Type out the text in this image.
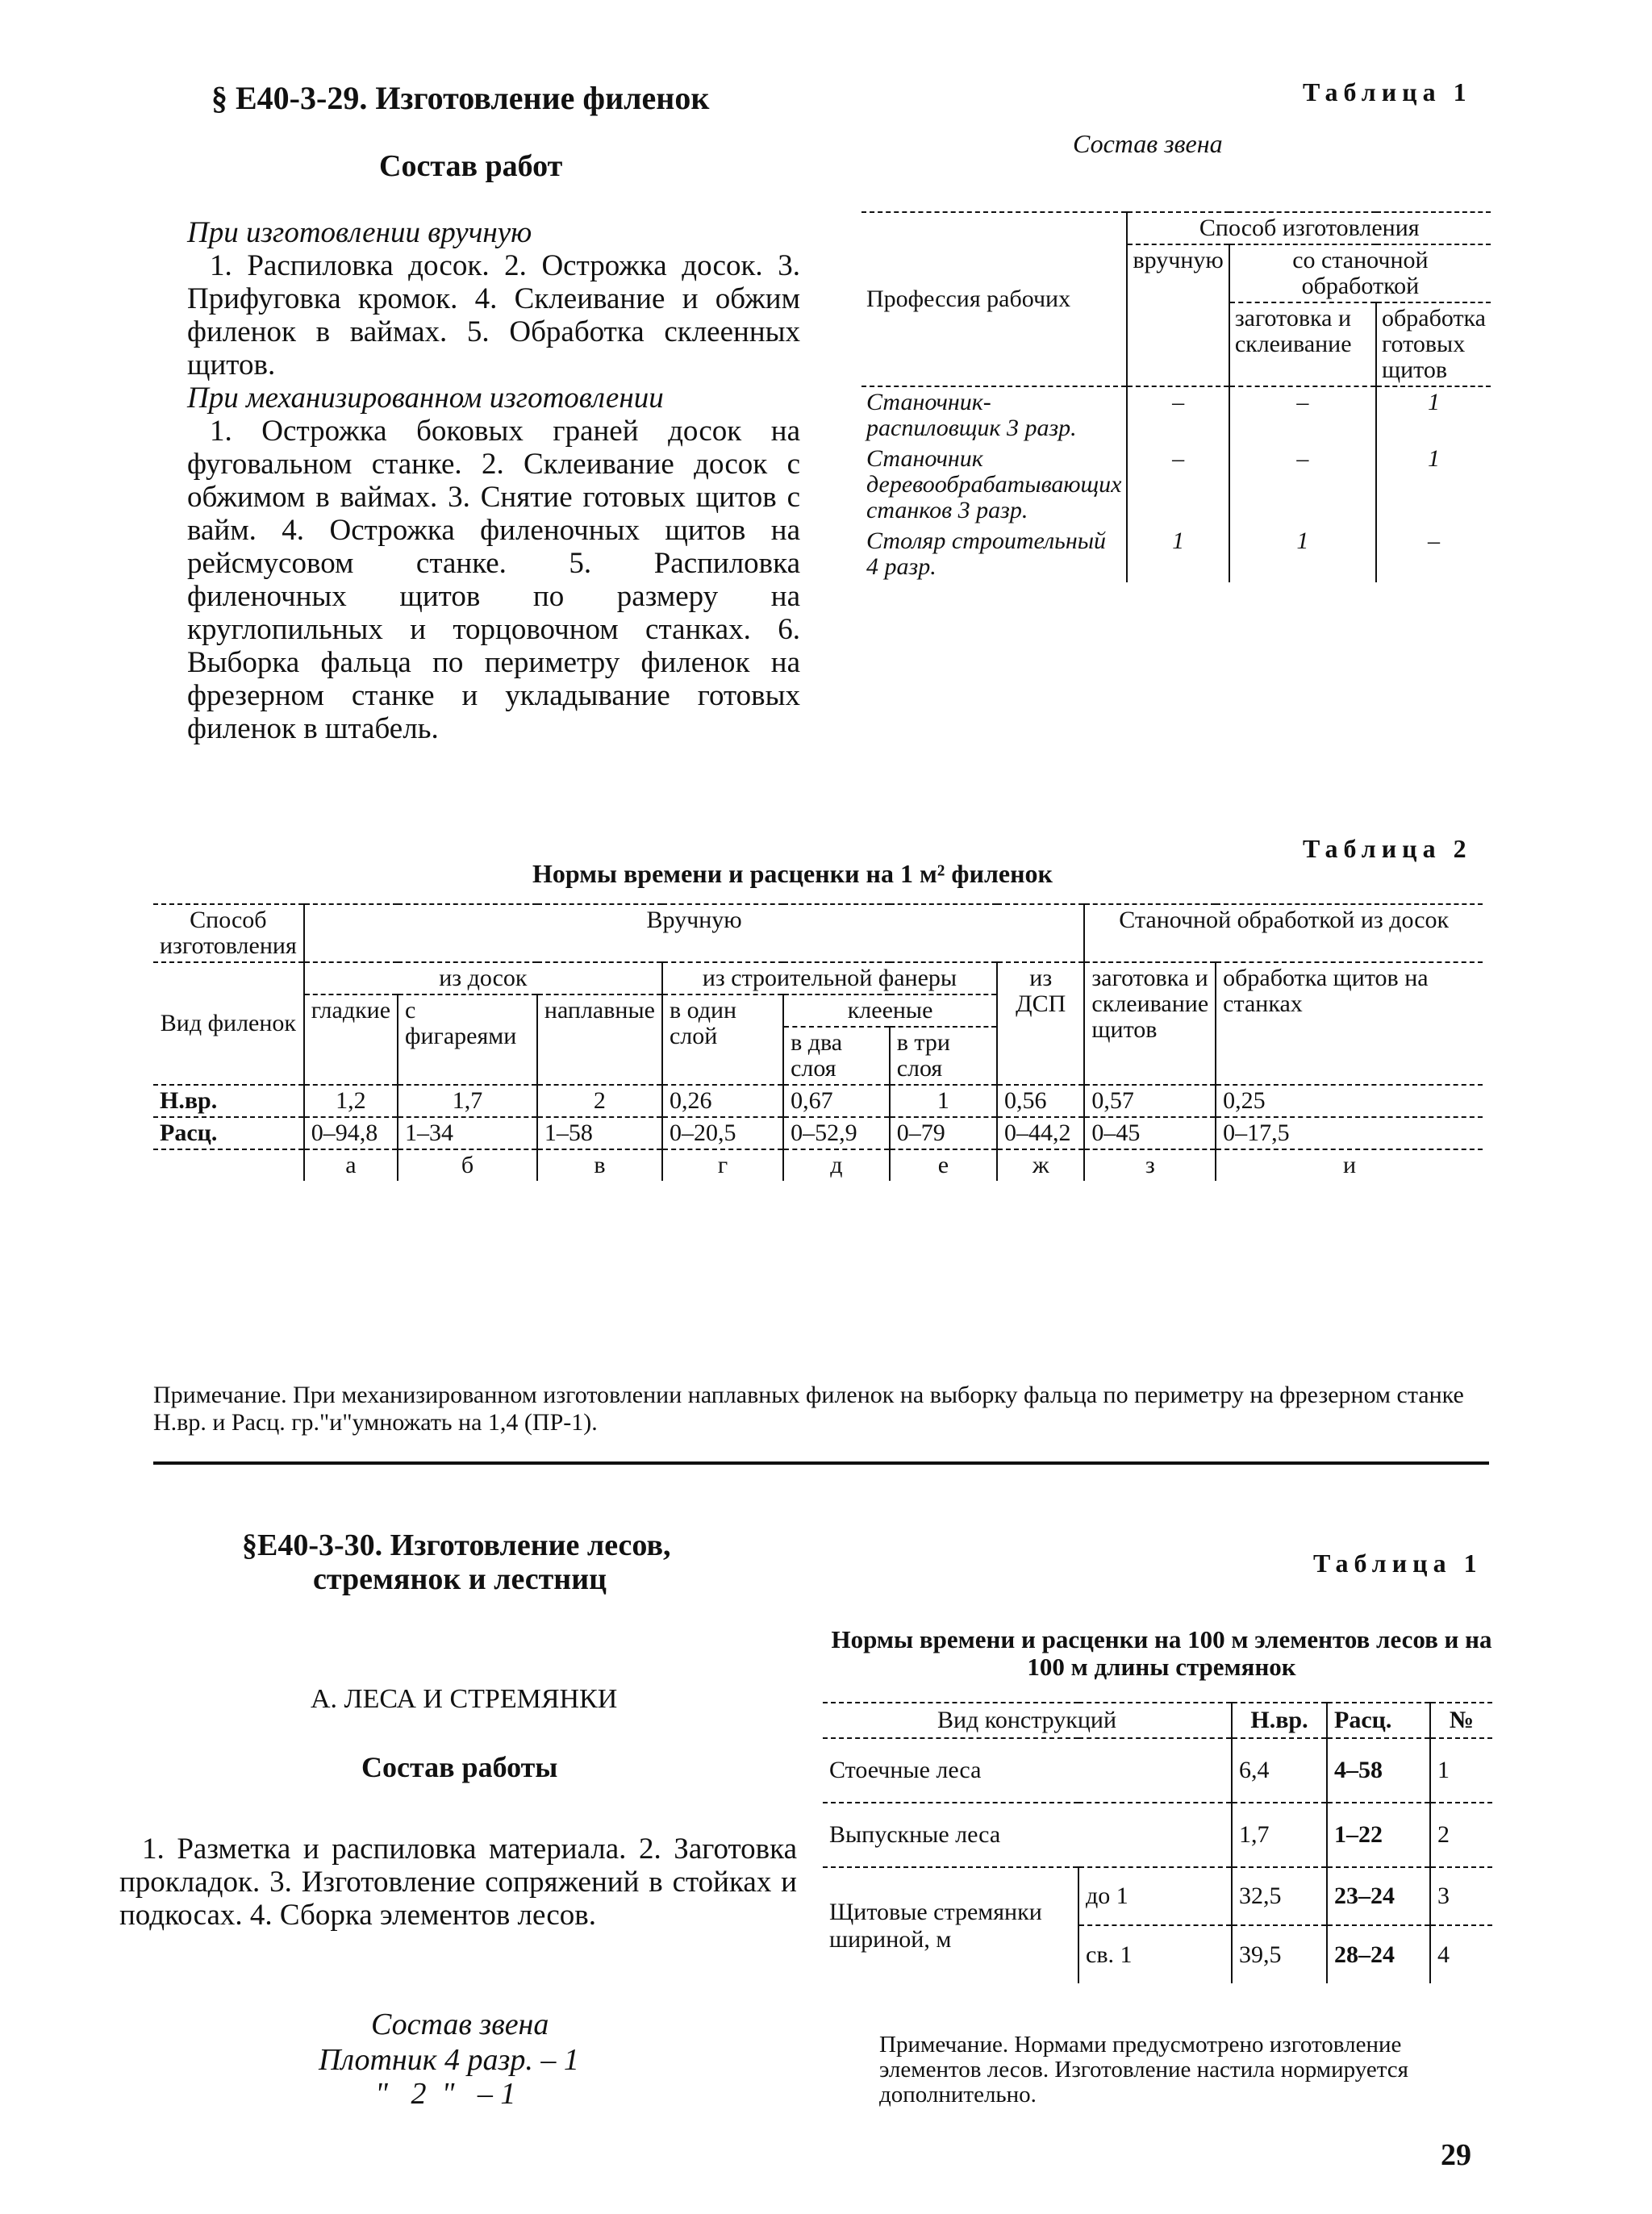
§ Е40-3-29. Изготовление филенок
Состав работ
При изготовлении вручную
1. Распиловка досок. 2. Острожка досок. 3. Прифуговка кромок. 4. Склеивание и обжим филенок в ваймах. 5. Обработка склеенных щитов.
При механизированном изготовлении
1. Острожка боковых граней досок на фуговальном станке. 2. Склеивание досок с обжимом в ваймах. 3. Снятие готовых щитов с вайм. 4. Острожка филеночных щитов на рейсмусовом станке. 5. Распиловка филеночных щитов по размеру на круглопильных и торцовочном станках. 6. Выборка фальца по периметру филенок на фрезерном станке и укладывание готовых филенок в штабель.
Таблица 1
Состав звена
Профессия рабочих	Способ изготовления		
	вручную	со станочной обработкой	
		заготовка и склеивание	обработка готовых щитов
Станочник-распиловщик 3 разр.	–	–	1
Станочник деревообрабатывающих станков 3 разр.	–	–	1
Столяр строительный 4 разр.	1	1	–
Таблица 2
Нормы времени и расценки на 1 м² филенок
Способ изготовления	Вручную							Станочной обработкой из досок	
Вид филенок	из досок			из строительной фанеры			из ДСП	заготовка и склеивание щитов	обработка щитов на станках
	гладкие	с фигареями	наплавные	в один слой	клееные				
					в два слоя	в три слоя			
Н.вр.	1,2	1,7	2	0,26	0,67	1	0,56	0,57	0,25
Расц.	0–94,8	1–34	1–58	0–20,5	0–52,9	0–79	0–44,2	0–45	0–17,5
	а	б	в	г	д	е	ж	з	и
Примечание. При механизированном изготовлении наплавных филенок на выборку фальца по периметру на фрезерном станке Н.вр. и Расц. гр."и"умножать на 1,4 (ПР-1).
§Е40-3-30. Изготовление лесов,
стремянок и лестниц	Таблица 1
А. ЛЕСА И СТРЕМЯНКИ
Состав работы
1. Разметка и распиловка материала. 2. Заготовка прокладок. 3. Изготовление сопряжений в стойках и подкосах. 4. Сборка элементов лесов.
Состав звена
Плотник 4 разр. – 1
"   2  "   – 1
Нормы времени и расценки на 100 м элементов лесов и на 100 м длины стремянок
Вид конструкций		Н.вр.	Расц.	№
Стоечные леса		6,4	4–58	1
Выпускные леса		1,7	1–22	2
Щитовые стремянки шириной, м	до 1	32,5	23–24	3
	св. 1	39,5	28–24	4
Примечание. Нормами предусмотрено изготовление элементов лесов. Изготовление настила нормируется дополнительно.
29
